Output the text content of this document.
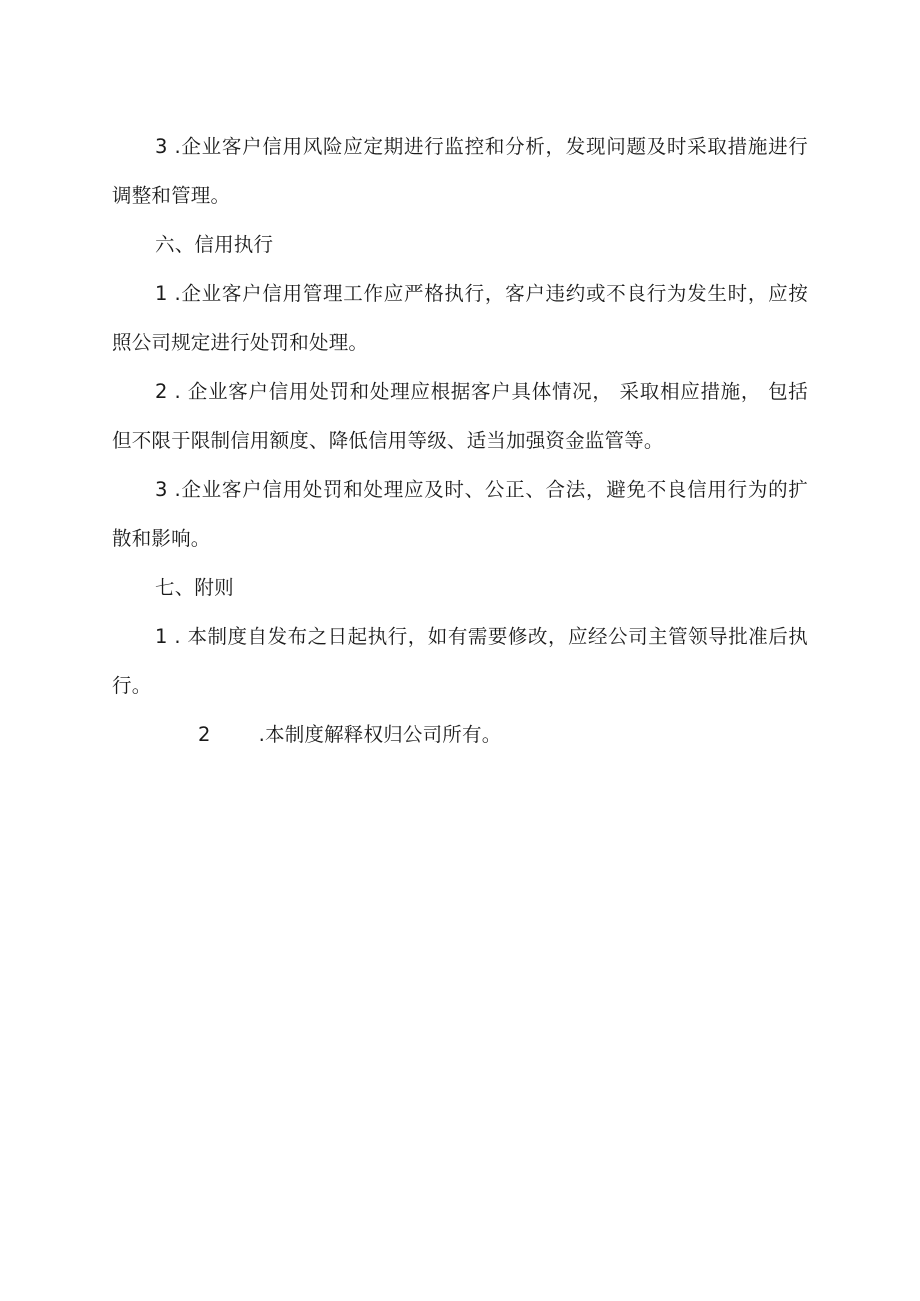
3 .企业客户信用风险应定期进行监控和分析，发现问题及时采取措施进行调整和管理。

六、信用执行

1 .企业客户信用管理工作应严格执行，客户违约或不良行为发生时，应按照公司规定进行处罚和处理。

2 . 企业客户信用处罚和处理应根据客户具体情况， 采取相应措施， 包括但不限于限制信用额度、降低信用等级、适当加强资金监管等。

3 .企业客户信用处罚和处理应及时、公正、合法，避免不良信用行为的扩散和影响。

七、附则

1 . 本制度自发布之日起执行，如有需要修改，应经公司主管领导批准后执行。

2 .本制度解释权归公司所有。
